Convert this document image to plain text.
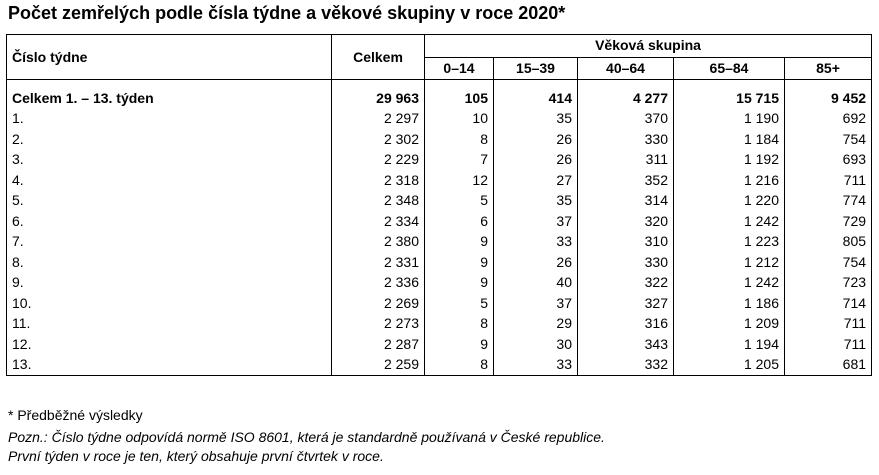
Počet zemřelých podle čísla týdne a věkové skupiny v roce 2020*
Číslo týdne	Celkem	Věková skupina				
		0–14	15–39	40–64	65–84	85+
Celkem 1. – 13. týden	29 963	105	414	4 277	15 715	9 452
1.	2 297	10	35	370	1 190	692
2.	2 302	8	26	330	1 184	754
3.	2 229	7	26	311	1 192	693
4.	2 318	12	27	352	1 216	711
5.	2 348	5	35	314	1 220	774
6.	2 334	6	37	320	1 242	729
7.	2 380	9	33	310	1 223	805
8.	2 331	9	26	330	1 212	754
9.	2 336	9	40	322	1 242	723
10.	2 269	5	37	327	1 186	714
11.	2 273	8	29	316	1 209	711
12.	2 287	9	30	343	1 194	711
13.	2 259	8	33	332	1 205	681
* Předběžné výsledky
Pozn.: Číslo týdne odpovídá normě ISO 8601, která je standardně používaná v České republice.
První týden v roce je ten, který obsahuje první čtvrtek v roce.
